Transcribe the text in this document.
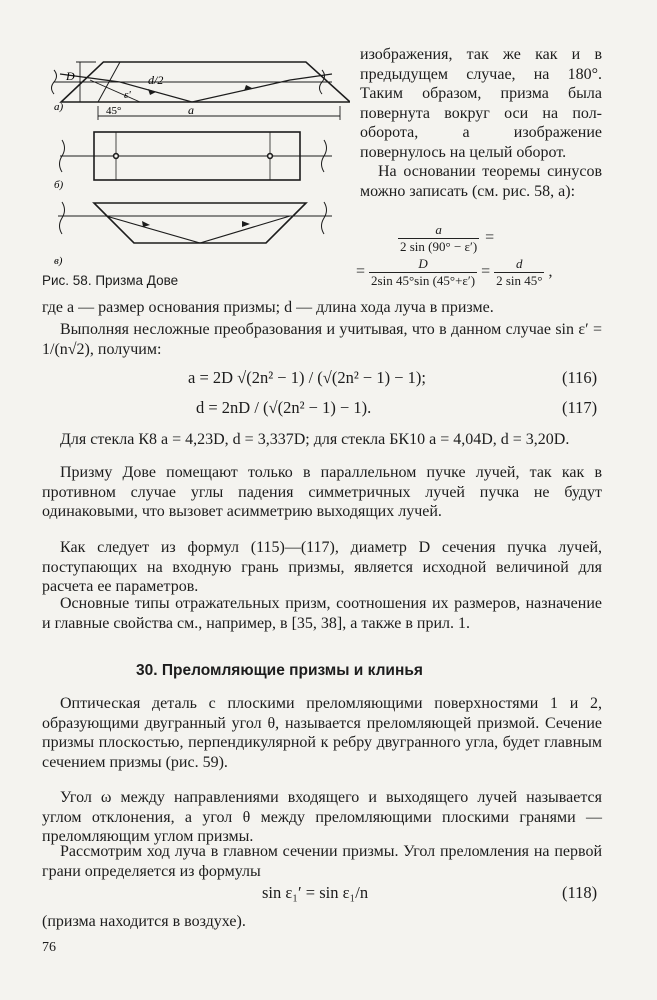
D	d/2
ε'
45°	a
а)
б)
в)
Рис. 58. Призма Дове
изображения, так же как и в предыдущем случае, на 180°. Таким образом, призма была повернута вокруг оси на пол-оборота, а изображение повернулось на целый оборот.
На основании теоремы синусов можно записать (см. рис. 58, а):
$\frac{a}{2 \sin (90^\circ - \varepsilon')}$ =
= $\frac{D}{2\sin 45^\circ\sin (45^\circ+\varepsilon')} = \frac{d}{2 \sin 45^\circ}$ ,
где a — размер основания призмы; d — длина хода луча в призме.
Выполняя несложные преобразования и учитывая, что в данном случае sin ε′ = 1/(n√2), получим:
a = 2D √(2n² − 1) / (√(2n² − 1) − 1);	(116)
d = 2nD / (√(2n² − 1) − 1).	(117)
Для стекла К8 a = 4,23D, d = 3,337D; для стекла БК10 a = 4,04D, d = 3,20D.
Призму Дове помещают только в параллельном пучке лучей, так как в противном случае углы падения симметричных лучей пучка не будут одинаковыми, что вызовет асимметрию выходящих лучей.
Как следует из формул (115)—(117), диаметр D сечения пучка лучей, поступающих на входную грань призмы, является исходной величиной для расчета ее параметров.
Основные типы отражательных призм, соотношения их размеров, назначение и главные свойства см., например, в [35, 38], а также в прил. 1.
30. Преломляющие призмы и клинья
Оптическая деталь с плоскими преломляющими поверхностями 1 и 2, образующими двугранный угол θ, называется преломляющей призмой. Сечение призмы плоскостью, перпендикулярной к ребру двугранного угла, будет главным сечением призмы (рис. 59).
Угол ω между направлениями входящего и выходящего лучей называется углом отклонения, а угол θ между преломляющими плоскими гранями — преломляющим углом призмы.
Рассмотрим ход луча в главном сечении призмы. Угол преломления на первой грани определяется из формулы
sin ε₁′ = sin ε₁/n	(118)
(призма находится в воздухе).
76
